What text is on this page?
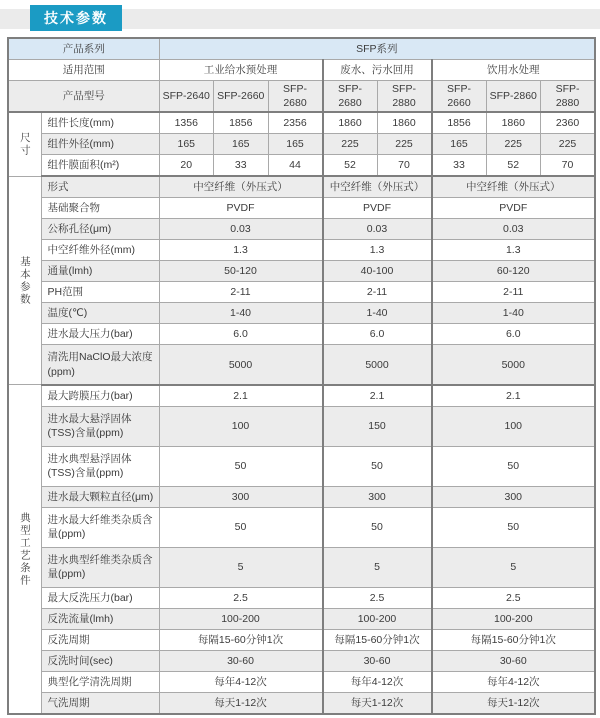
技术参数
产品系列		SFP系列							
适用范围		工业给水预处理			废水、污水回用		饮用水处理		
产品型号		SFP-2640	SFP-2660	SFP-2680	SFP-2680	SFP-2880	SFP-2660	SFP-2860	SFP-2880
尺寸	组件长度(mm)	1356	1856	2356	1860	1860	1856	1860	2360
	组件外径(mm)	165	165	165	225	225	165	225	225
	组件膜面积(m²)	20	33	44	52	70	33	52	70
基本参数	形式	中空纤维（外压式）			中空纤维（外压式）		中空纤维（外压式）		
	基础聚合物	PVDF			PVDF		PVDF		
	公称孔径(μm)	0.03			0.03		0.03		
	中空纤维外径(mm)	1.3			1.3		1.3		
	通量(lmh)	50-120			40-100		60-120		
	PH范围	2-11			2-11		2-11		
	温度(℃)	1-40			1-40		1-40		
	进水最大压力(bar)	6.0			6.0		6.0		
	清洗用NaClO最大浓度(ppm)	5000			5000		5000		
典型工艺条件	最大跨膜压力(bar)	2.1			2.1		2.1		
	进水最大悬浮固体(TSS)含量(ppm)	100			150		100		
	进水典型悬浮固体(TSS)含量(ppm)	50			50		50		
	进水最大颗粒直径(μm)	300			300		300		
	进水最大纤维类杂质含量(ppm)	50			50		50		
	进水典型纤维类杂质含量(ppm)	5			5		5		
	最大反洗压力(bar)	2.5			2.5		2.5		
	反洗流量(lmh)	100-200			100-200		100-200		
	反洗周期	每隔15-60分钟1次			每隔15-60分钟1次		每隔15-60分钟1次		
	反洗时间(sec)	30-60			30-60		30-60		
	典型化学清洗周期	每年4-12次			每年4-12次		每年4-12次		
	气洗周期	每天1-12次			每天1-12次		每天1-12次		
